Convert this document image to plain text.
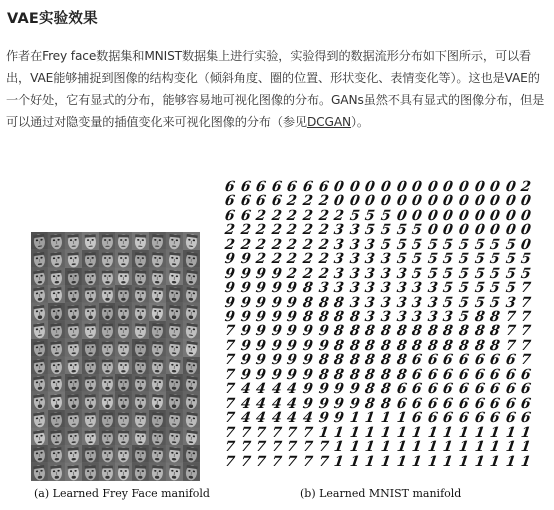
VAE实验效果
作者在Frey face数据集和MNIST数据集上进行实验，实验得到的数据流形分布如下图所示，可以看出，VAE能够捕捉到图像的结构变化（倾斜角度、圈的位置、形状变化、表情变化等）。这也是VAE的一个好处，它有显式的分布，能够容易地可视化图像的分布。GANs虽然不具有显式的图像分布，但是可以通过对隐变量的插值变化来可视化图像的分布（参见DCGAN）。
6 6 6 6 6 6 6 0 0 0 0 0 0 0 0 0 0 0 0 2
6 6 6 6 2 2 2 0 0 0 0 0 0 0 0 0 0 0 0 0
6 6 2 2 2 2 2 2 5 5 5 0 0 0 0 0 0 0 0 0
2 2 2 2 2 2 2 3 3 5 5 5 5 0 0 0 0 0 0 0
2 2 2 2 2 2 2 3 3 3 5 5 5 5 5 5 5 5 5 0
9 9 2 2 2 2 2 3 3 3 3 5 5 5 5 5 5 5 5 5
9 9 9 9 2 2 2 3 3 3 3 3 5 5 5 5 5 5 5 5
9 9 9 9 9 8 3 3 3 3 3 3 3 3 5 5 5 5 5 7
9 9 9 9 9 8 8 8 3 3 3 3 3 3 5 5 5 5 3 7
9 9 9 9 9 8 8 8 8 3 3 3 3 3 3 5 8 8 7 7
7 9 9 9 9 9 9 8 8 8 8 8 8 8 8 8 8 8 7 7
7 9 9 9 9 9 9 8 8 8 8 8 8 8 8 8 8 8 7 7
7 9 9 9 9 9 8 8 8 8 8 8 6 6 6 6 6 6 6 7
7 9 9 9 9 9 8 8 8 8 8 8 6 6 6 6 6 6 6 6
7 4 4 4 4 9 9 9 9 8 8 6 6 6 6 6 6 6 6 6
7 4 4 4 4 9 9 9 9 8 8 6 6 6 6 6 6 6 6 6
7 4 4 4 4 4 9 9 1 1 1 1 6 6 6 6 6 6 6 6
7 7 7 7 7 7 1 1 1 1 1 1 1 1 1 1 1 1 1 1
7 7 7 7 7 7 7 1 1 1 1 1 1 1 1 1 1 1 1 1
7 7 7 7 7 7 7 1 1 1 1 1 1 1 1 1 1 1 1 1
(a) Learned Frey Face manifold	(b) Learned MNIST manifold
